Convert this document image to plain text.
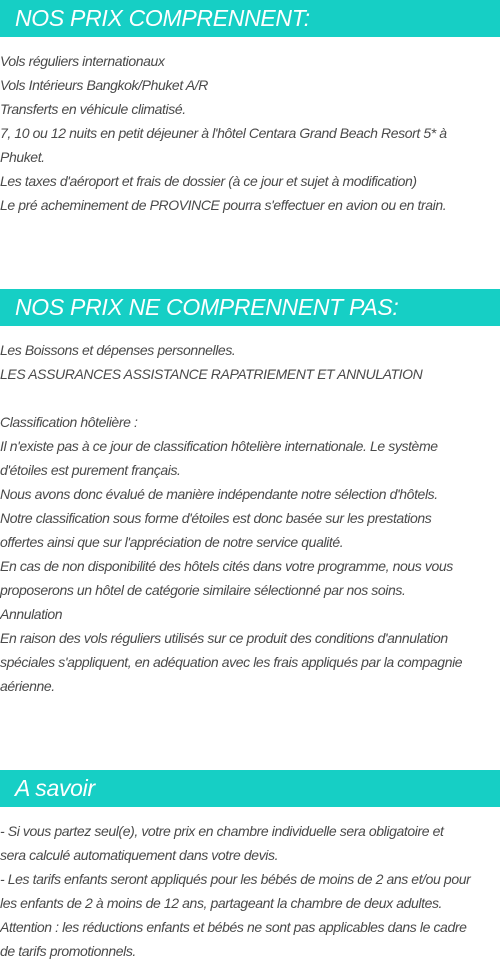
NOS PRIX COMPRENNENT:
Vols réguliers internationaux
Vols Intérieurs Bangkok/Phuket A/R
Transferts en véhicule climatisé.
7, 10 ou 12 nuits en petit déjeuner à l'hôtel Centara Grand Beach Resort 5* à
Phuket.
Les taxes d'aéroport et frais de dossier (à ce jour et sujet à modification)
Le pré acheminement de PROVINCE pourra s'effectuer en avion ou en train.
NOS PRIX NE COMPRENNENT PAS:
Les Boissons et dépenses personnelles.
LES ASSURANCES ASSISTANCE RAPATRIEMENT ET ANNULATION
Classification hôtelière :
Il n'existe pas à ce jour de classification hôtelière internationale. Le système
d'étoiles est purement français.
Nous avons donc évalué de manière indépendante notre sélection d'hôtels.
Notre classification sous forme d'étoiles est donc basée sur les prestations
offertes ainsi que sur l'appréciation de notre service qualité.
En cas de non disponibilité des hôtels cités dans votre programme, nous vous
proposerons un hôtel de catégorie similaire sélectionné par nos soins.
Annulation
En raison des vols réguliers utilisés sur ce produit des conditions d'annulation
spéciales s'appliquent, en adéquation avec les frais appliqués par la compagnie
aérienne.
A savoir
- Si vous partez seul(e), votre prix en chambre individuelle sera obligatoire et
sera calculé automatiquement dans votre devis.
- Les tarifs enfants seront appliqués pour les bébés de moins de 2 ans et/ou pour
les enfants de 2 à moins de 12 ans, partageant la chambre de deux adultes.
Attention : les réductions enfants et bébés ne sont pas applicables dans le cadre
de tarifs promotionnels.
